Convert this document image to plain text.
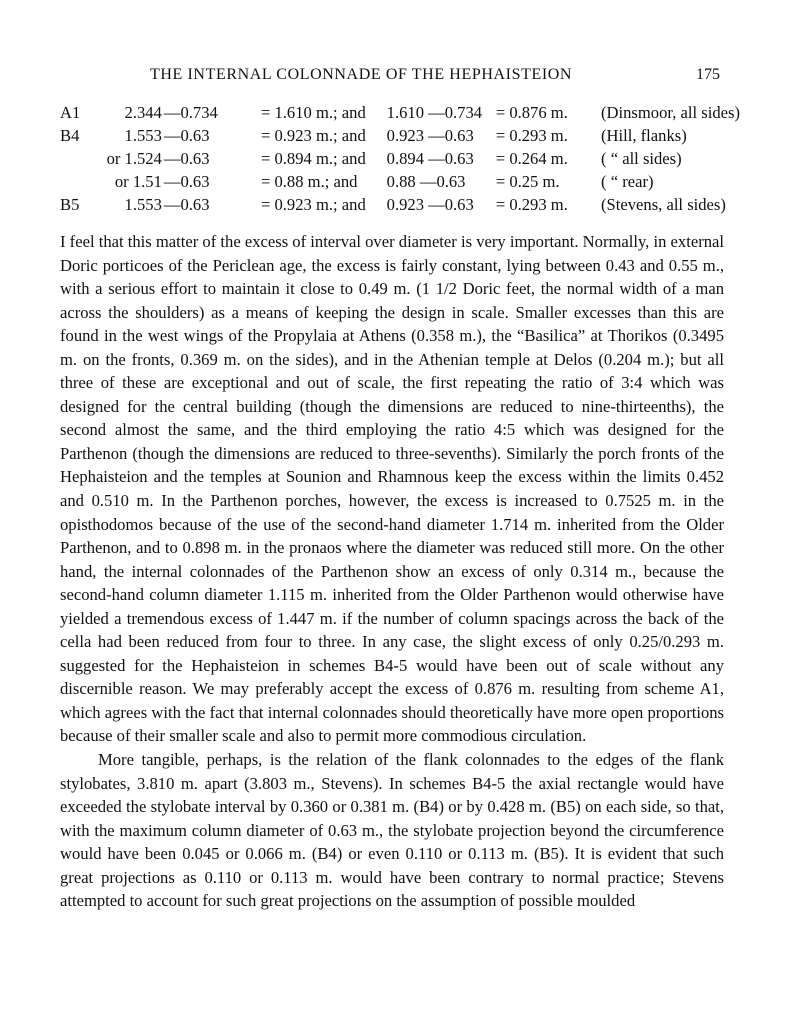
THE INTERNAL COLONNADE OF THE HEPHAISTEION	175
A1	2.344	—0.734	= 1.610 m.; and	1.610 —0.734	= 0.876 m.	(Dinsmoor, all sides)
B4	1.553	—0.63	= 0.923 m.; and	0.923 —0.63	= 0.293 m.	(Hill, flanks)
	or 1.524	—0.63	= 0.894 m.; and	0.894 —0.63	= 0.264 m.	( “ all sides)
	or 1.51	—0.63	= 0.88 m.; and	0.88 —0.63	= 0.25 m.	( “ rear)
B5	1.553	—0.63	= 0.923 m.; and	0.923 —0.63	= 0.293 m.	(Stevens, all sides)

I feel that this matter of the excess of interval over diameter is very important. Normally, in external Doric porticoes of the Periclean age, the excess is fairly constant, lying between 0.43 and 0.55 m., with a serious effort to maintain it close to 0.49 m. (1 1/2 Doric feet, the normal width of a man across the shoulders) as a means of keeping the design in scale. Smaller excesses than this are found in the west wings of the Propylaia at Athens (0.358 m.), the “Basilica” at Thorikos (0.3495 m. on the fronts, 0.369 m. on the sides), and in the Athenian temple at Delos (0.204 m.); but all three of these are exceptional and out of scale, the first repeating the ratio of 3:4 which was designed for the central building (though the dimensions are reduced to nine-thirteenths), the second almost the same, and the third employing the ratio 4:5 which was designed for the Parthenon (though the dimensions are reduced to three-sevenths). Similarly the porch fronts of the Hephaisteion and the temples at Sounion and Rhamnous keep the excess within the limits 0.452 and 0.510 m. In the Parthenon porches, however, the excess is increased to 0.7525 m. in the opisthodomos because of the use of the second-hand diameter 1.714 m. inherited from the Older Parthenon, and to 0.898 m. in the pronaos where the diameter was reduced still more. On the other hand, the internal colonnades of the Parthenon show an excess of only 0.314 m., because the second-hand column diameter 1.115 m. inherited from the Older Parthenon would otherwise have yielded a tremendous excess of 1.447 m. if the number of column spacings across the back of the cella had been reduced from four to three. In any case, the slight excess of only 0.25/0.293 m. suggested for the Hephaisteion in schemes B4-5 would have been out of scale without any discernible reason. We may preferably accept the excess of 0.876 m. resulting from scheme A1, which agrees with the fact that internal colonnades should theoretically have more open proportions because of their smaller scale and also to permit more commodious circulation.

More tangible, perhaps, is the relation of the flank colonnades to the edges of the flank stylobates, 3.810 m. apart (3.803 m., Stevens). In schemes B4-5 the axial rectangle would have exceeded the stylobate interval by 0.360 or 0.381 m. (B4) or by 0.428 m. (B5) on each side, so that, with the maximum column diameter of 0.63 m., the stylobate projection beyond the circumference would have been 0.045 or 0.066 m. (B4) or even 0.110 or 0.113 m. (B5). It is evident that such great projections as 0.110 or 0.113 m. would have been contrary to normal practice; Stevens attempted to account for such great projections on the assumption of possible moulded
